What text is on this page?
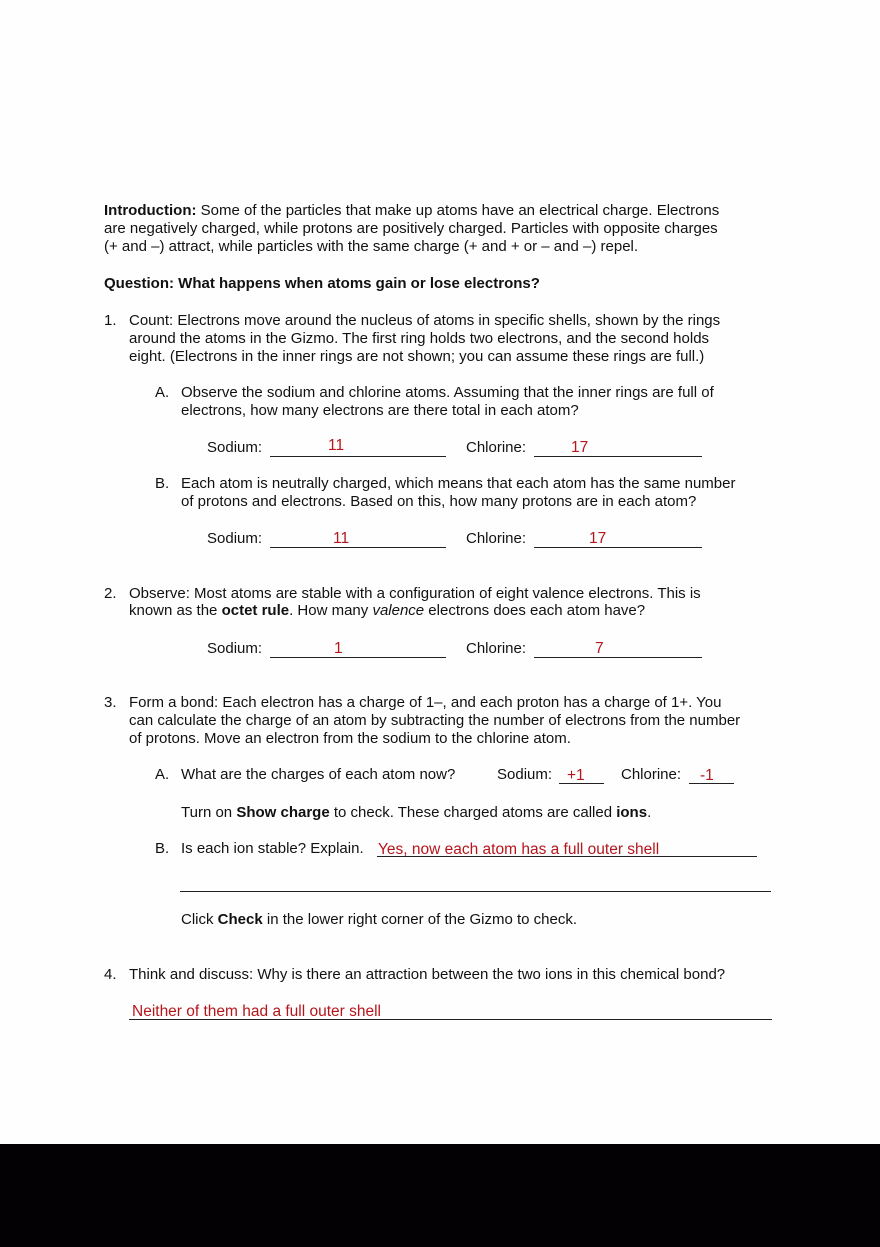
Introduction: Some of the particles that make up atoms have an electrical charge. Electrons
are negatively charged, while protons are positively charged. Particles with opposite charges
(+ and –) attract, while particles with the same charge (+ and + or – and –) repel.
Question: What happens when atoms gain or lose electrons?
1. Count: Electrons move around the nucleus of atoms in specific shells, shown by the rings
around the atoms in the Gizmo. The first ring holds two electrons, and the second holds
eight. (Electrons in the inner rings are not shown; you can assume these rings are full.)
A. Observe the sodium and chlorine atoms. Assuming that the inner rings are full of
electrons, how many electrons are there total in each atom?
Sodium:	11	Chlorine:	17
B. Each atom is neutrally charged, which means that each atom has the same number
of protons and electrons. Based on this, how many protons are in each atom?
Sodium:	11	Chlorine:	17
2. Observe: Most atoms are stable with a configuration of eight valence electrons. This is
known as the octet rule. How many valence electrons does each atom have?
Sodium:	1	Chlorine:	7
3. Form a bond: Each electron has a charge of 1–, and each proton has a charge of 1+. You
can calculate the charge of an atom by subtracting the number of electrons from the number
of protons. Move an electron from the sodium to the chlorine atom.
A. What are the charges of each atom now?	Sodium: +1 Chlorine: -1
Turn on Show charge to check. These charged atoms are called ions.
B. Is each ion stable? Explain. Yes, now each atom has a full outer shell
Click Check in the lower right corner of the Gizmo to check.
4. Think and discuss: Why is there an attraction between the two ions in this chemical bond?
Neither of them had a full outer shell
